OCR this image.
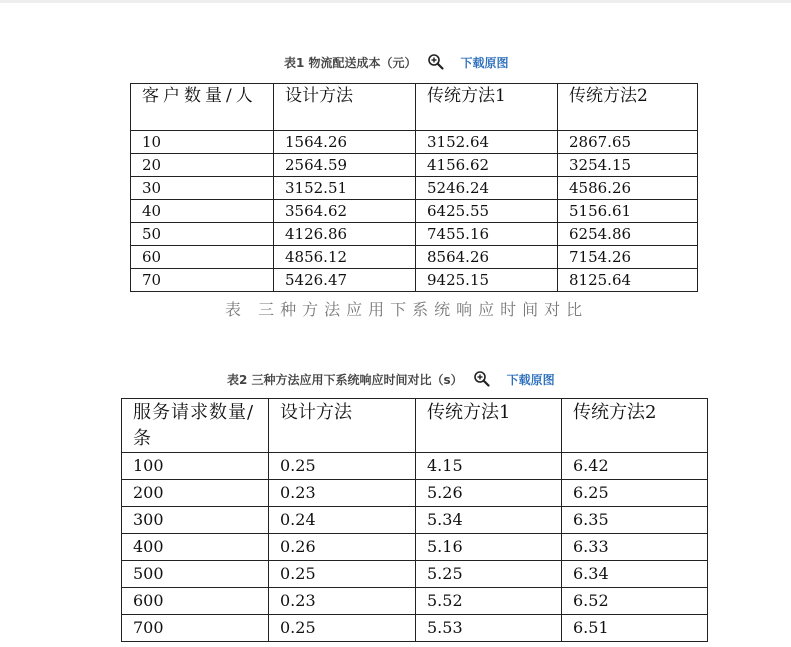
表1 物流配送成本（元）	下载原图
客户数量/人	设计方法	传统方法1	传统方法2
10	1564.26	3152.64	2867.65
20	2564.59	4156.62	3254.15
30	3152.51	5246.24	4586.26
40	3564.62	6425.55	5156.61
50	4126.86	7455.16	6254.86
60	4856.12	8564.26	7154.26
70	5426.47	9425.15	8125.64
表 三种方法应用下系统响应时间对比
表2 三种方法应用下系统响应时间对比（s）	下载原图
服务请求数量/条	设计方法	传统方法1	传统方法2
100	0.25	4.15	6.42
200	0.23	5.26	6.25
300	0.24	5.34	6.35
400	0.26	5.16	6.33
500	0.25	5.25	6.34
600	0.23	5.52	6.52
700	0.25	5.53	6.51
